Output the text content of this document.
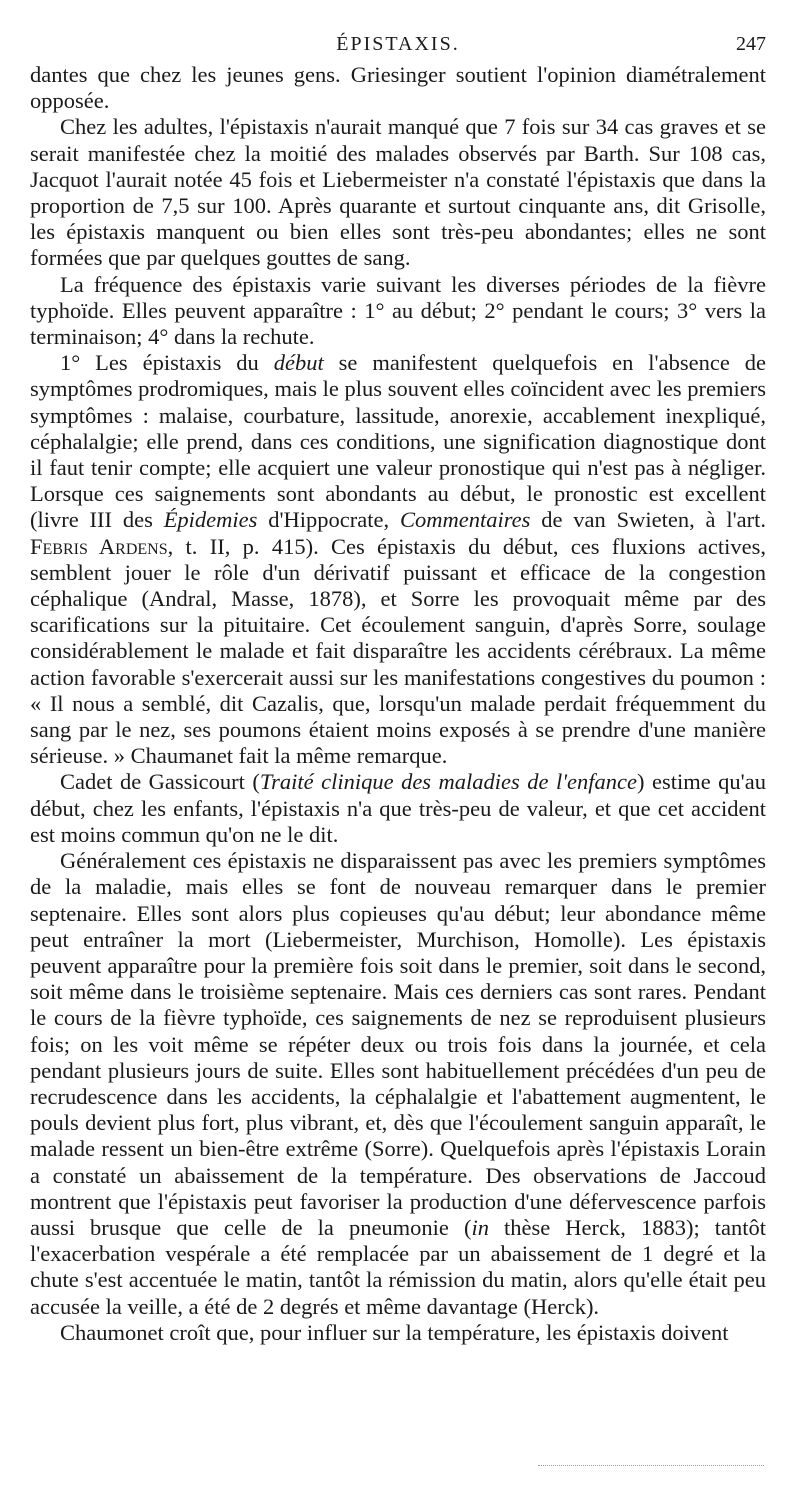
ÉPISTAXIS.	247

dantes que chez les jeunes gens. Griesinger soutient l'opinion diamétralement opposée.

Chez les adultes, l'épistaxis n'aurait manqué que 7 fois sur 34 cas graves et se serait manifestée chez la moitié des malades observés par Barth. Sur 108 cas, Jacquot l'aurait notée 45 fois et Liebermeister n'a constaté l'épistaxis que dans la proportion de 7,5 sur 100. Après quarante et surtout cinquante ans, dit Grisolle, les épistaxis manquent ou bien elles sont très-peu abondantes; elles ne sont formées que par quelques gouttes de sang.

La fréquence des épistaxis varie suivant les diverses périodes de la fièvre typhoïde. Elles peuvent apparaître : 1° au début; 2° pendant le cours; 3° vers la terminaison; 4° dans la rechute.

1° Les épistaxis du début se manifestent quelquefois en l'absence de symptômes prodromiques, mais le plus souvent elles coïncident avec les premiers symptômes : malaise, courbature, lassitude, anorexie, accablement inexpliqué, céphalalgie; elle prend, dans ces conditions, une signification diagnostique dont il faut tenir compte; elle acquiert une valeur pronostique qui n'est pas à négliger. Lorsque ces saignements sont abondants au début, le pronostic est excellent (livre III des Épidemies d'Hippocrate, Commentaires de van Swieten, à l'art. Febris Ardens, t. II, p. 415). Ces épistaxis du début, ces fluxions actives, semblent jouer le rôle d'un dérivatif puissant et efficace de la congestion céphalique (Andral, Masse, 1878), et Sorre les provoquait même par des scarifications sur la pituitaire. Cet écoulement sanguin, d'après Sorre, soulage considérablement le malade et fait disparaître les accidents cérébraux. La même action favorable s'exercerait aussi sur les manifestations congestives du poumon : « Il nous a semblé, dit Cazalis, que, lorsqu'un malade perdait fréquemment du sang par le nez, ses poumons étaient moins exposés à se prendre d'une manière sérieuse. » Chaumanet fait la même remarque.

Cadet de Gassicourt (Traité clinique des maladies de l'enfance) estime qu'au début, chez les enfants, l'épistaxis n'a que très-peu de valeur, et que cet accident est moins commun qu'on ne le dit.

Généralement ces épistaxis ne disparaissent pas avec les premiers symptômes de la maladie, mais elles se font de nouveau remarquer dans le premier septenaire. Elles sont alors plus copieuses qu'au début; leur abondance même peut entraîner la mort (Liebermeister, Murchison, Homolle). Les épistaxis peuvent apparaître pour la première fois soit dans le premier, soit dans le second, soit même dans le troisième septenaire. Mais ces derniers cas sont rares. Pendant le cours de la fièvre typhoïde, ces saignements de nez se reproduisent plusieurs fois; on les voit même se répéter deux ou trois fois dans la journée, et cela pendant plusieurs jours de suite. Elles sont habituellement précédées d'un peu de recrudescence dans les accidents, la céphalalgie et l'abattement augmentent, le pouls devient plus fort, plus vibrant, et, dès que l'écoulement sanguin apparaît, le malade ressent un bien-être extrême (Sorre). Quelquefois après l'épistaxis Lorain a constaté un abaissement de la température. Des observations de Jaccoud montrent que l'épistaxis peut favoriser la production d'une défervescence parfois aussi brusque que celle de la pneumonie (in thèse Herck, 1883); tantôt l'exacerbation vespérale a été remplacée par un abaissement de 1 degré et la chute s'est accentuée le matin, tantôt la rémission du matin, alors qu'elle était peu accusée la veille, a été de 2 degrés et même davantage (Herck).

Chaumonet croît que, pour influer sur la température, les épistaxis doivent
